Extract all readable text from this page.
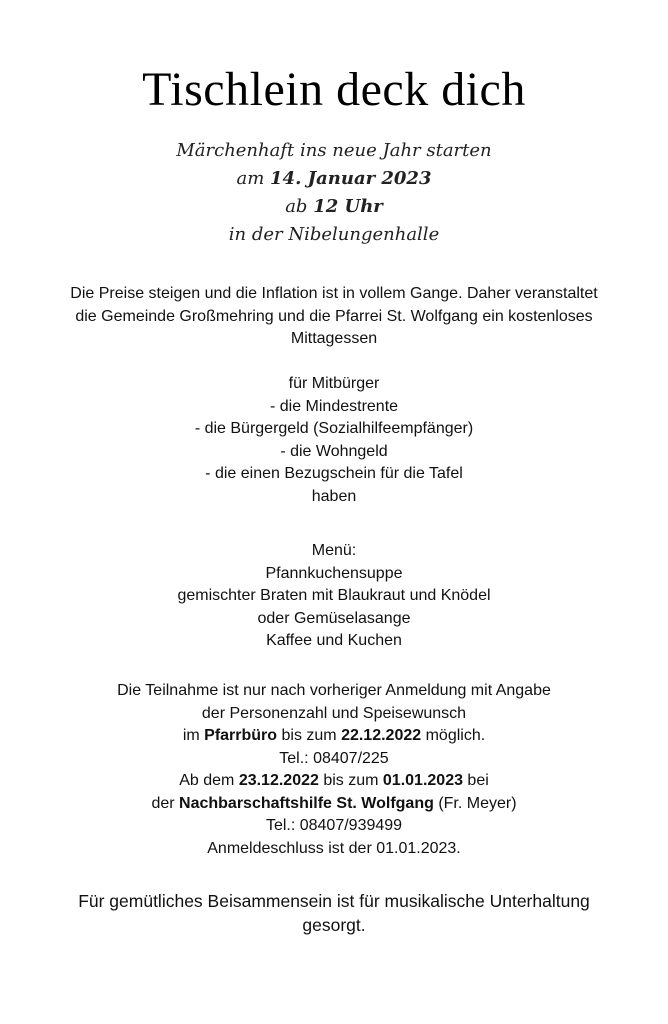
Tischlein deck dich
Märchenhaft ins neue Jahr starten
am 14. Januar 2023
ab 12 Uhr
in der Nibelungenhalle
Die Preise steigen und die Inflation ist in vollem Gange. Daher veranstaltet
die Gemeinde Großmehring und die Pfarrei St. Wolfgang ein kostenloses
Mittagessen
für Mitbürger
- die Mindestrente
- die Bürgergeld (Sozialhilfeempfänger)
- die Wohngeld
- die einen Bezugschein für die Tafel
haben
Menü:
Pfannkuchensuppe
gemischter Braten mit Blaukraut und Knödel
oder Gemüselasange
Kaffee und Kuchen
Die Teilnahme ist nur nach vorheriger Anmeldung mit Angabe
der Personenzahl und Speisewunsch
im Pfarrbüro bis zum 22.12.2022 möglich.
Tel.: 08407/225
Ab dem 23.12.2022 bis zum 01.01.2023 bei
der Nachbarschaftshilfe St. Wolfgang (Fr. Meyer)
Tel.: 08407/939499
Anmeldeschluss ist der 01.01.2023.
Für gemütliches Beisammensein ist für musikalische Unterhaltung
gesorgt.
